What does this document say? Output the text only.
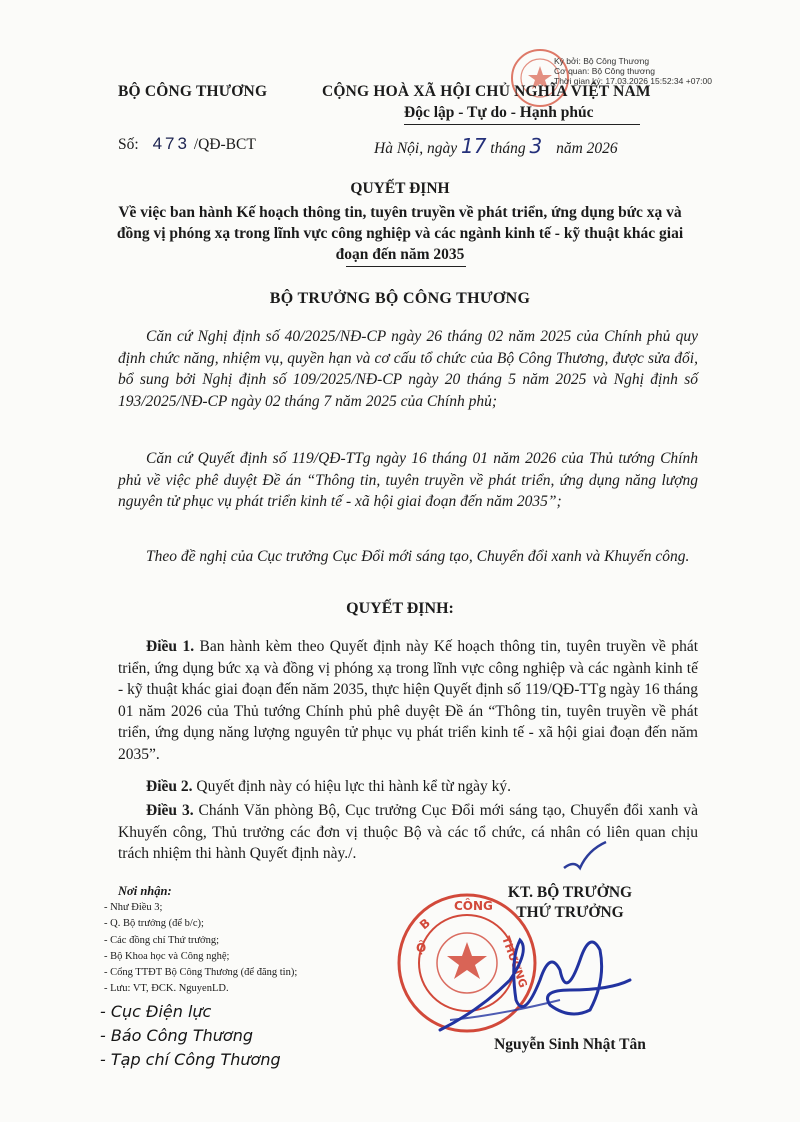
Ký bởi: Bộ Công Thương
Cơ quan: Bộ Công thương
Thời gian ký: 17.03.2026 15:52:34 +07:00
BỘ CÔNG THƯƠNG	CỘNG HOÀ XÃ HỘI CHỦ NGHĨA VIỆT NAM
Độc lập - Tự do - Hạnh phúc
Số: 473 /QĐ-BCT	Hà Nội, ngày 17 tháng 3 năm 2026
QUYẾT ĐỊNH
Về việc ban hành Kế hoạch thông tin, tuyên truyền về phát triển, ứng dụng bức xạ và đồng vị phóng xạ trong lĩnh vực công nghiệp và các ngành kinh tế - kỹ thuật khác giai đoạn đến năm 2035
BỘ TRƯỞNG BỘ CÔNG THƯƠNG
Căn cứ Nghị định số 40/2025/NĐ-CP ngày 26 tháng 02 năm 2025 của Chính phủ quy định chức năng, nhiệm vụ, quyền hạn và cơ cấu tổ chức của Bộ Công Thương, được sửa đổi, bổ sung bởi Nghị định số 109/2025/NĐ-CP ngày 20 tháng 5 năm 2025 và Nghị định số 193/2025/NĐ-CP ngày 02 tháng 7 năm 2025 của Chính phủ;
Căn cứ Quyết định số 119/QĐ-TTg ngày 16 tháng 01 năm 2026 của Thủ tướng Chính phủ về việc phê duyệt Đề án “Thông tin, tuyên truyền về phát triển, ứng dụng năng lượng nguyên tử phục vụ phát triển kinh tế - xã hội giai đoạn đến năm 2035”;
Theo đề nghị của Cục trưởng Cục Đổi mới sáng tạo, Chuyển đổi xanh và Khuyến công.
QUYẾT ĐỊNH:
Điều 1. Ban hành kèm theo Quyết định này Kế hoạch thông tin, tuyên truyền về phát triển, ứng dụng bức xạ và đồng vị phóng xạ trong lĩnh vực công nghiệp và các ngành kinh tế - kỹ thuật khác giai đoạn đến năm 2035, thực hiện Quyết định số 119/QĐ-TTg ngày 16 tháng 01 năm 2026 của Thủ tướng Chính phủ phê duyệt Đề án “Thông tin, tuyên truyền về phát triển, ứng dụng năng lượng nguyên tử phục vụ phát triển kinh tế - xã hội giai đoạn đến năm 2035”.
Điều 2. Quyết định này có hiệu lực thi hành kể từ ngày ký.
Điều 3. Chánh Văn phòng Bộ, Cục trưởng Cục Đổi mới sáng tạo, Chuyển đổi xanh và Khuyến công, Thủ trưởng các đơn vị thuộc Bộ và các tổ chức, cá nhân có liên quan chịu trách nhiệm thi hành Quyết định này./.
Nơi nhận:
- Như Điều 3;
- Q. Bộ trưởng (để b/c);
- Các đồng chí Thứ trưởng;
- Bộ Khoa học và Công nghệ;
- Cổng TTĐT Bộ Công Thương (để đăng tin);
- Lưu: VT, ĐCK. NguyenLD.
- Cục Điện lực
- Báo Công Thương
- Tạp chí Công Thương
B
Ộ
CÔNG
THƯƠNG
KT. BỘ TRƯỞNG
THỨ TRƯỞNG
Nguyễn Sinh Nhật Tân
